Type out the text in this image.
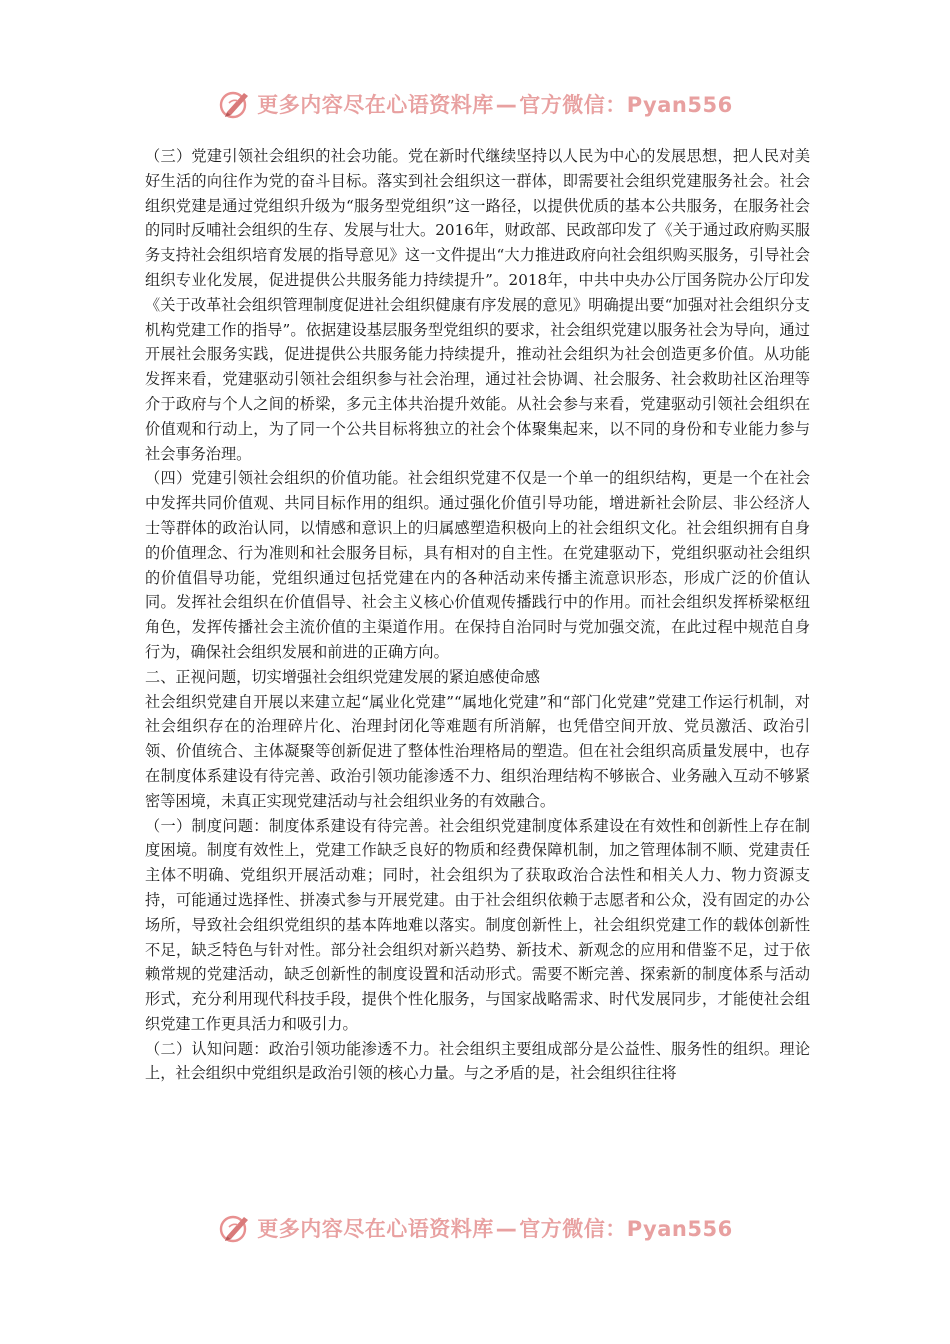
更多内容尽在心语资料库—官方微信：Pyan556

（三）党建引领社会组织的社会功能。党在新时代继续坚持以人民为中心的发展思想，把人民对美好生活的向往作为党的奋斗目标。落实到社会组织这一群体，即需要社会组织党建服务社会。社会组织党建是通过党组织升级为“服务型党组织”这一路径，以提供优质的基本公共服务，在服务社会的同时反哺社会组织的生存、发展与壮大。2016年，财政部、民政部印发了《关于通过政府购买服务支持社会组织培育发展的指导意见》这一文件提出“大力推进政府向社会组织购买服务，引导社会组织专业化发展，促进提供公共服务能力持续提升”。2018年，中共中央办公厅国务院办公厅印发《关于改革社会组织管理制度促进社会组织健康有序发展的意见》明确提出要“加强对社会组织分支机构党建工作的指导”。依据建设基层服务型党组织的要求，社会组织党建以服务社会为导向，通过开展社会服务实践，促进提供公共服务能力持续提升，推动社会组织为社会创造更多价值。从功能发挥来看，党建驱动引领社会组织参与社会治理，通过社会协调、社会服务、社会救助社区治理等介于政府与个人之间的桥梁，多元主体共治提升效能。从社会参与来看，党建驱动引领社会组织在价值观和行动上，为了同一个公共目标将独立的社会个体聚集起来，以不同的身份和专业能力参与社会事务治理。

（四）党建引领社会组织的价值功能。社会组织党建不仅是一个单一的组织结构，更是一个在社会中发挥共同价值观、共同目标作用的组织。通过强化价值引导功能，增进新社会阶层、非公经济人士等群体的政治认同，以情感和意识上的归属感塑造积极向上的社会组织文化。社会组织拥有自身的价值理念、行为准则和社会服务目标，具有相对的自主性。在党建驱动下，党组织驱动社会组织的价值倡导功能，党组织通过包括党建在内的各种活动来传播主流意识形态，形成广泛的价值认同。发挥社会组织在价值倡导、社会主义核心价值观传播践行中的作用。而社会组织发挥桥梁枢纽角色，发挥传播社会主流价值的主渠道作用。在保持自治同时与党加强交流，在此过程中规范自身行为，确保社会组织发展和前进的正确方向。

二、正视问题，切实增强社会组织党建发展的紧迫感使命感

社会组织党建自开展以来建立起“属业化党建”“属地化党建”和“部门化党建”党建工作运行机制，对社会组织存在的治理碎片化、治理封闭化等难题有所消解，也凭借空间开放、党员激活、政治引领、价值统合、主体凝聚等创新促进了整体性治理格局的塑造。但在社会组织高质量发展中，也存在制度体系建设有待完善、政治引领功能渗透不力、组织治理结构不够嵌合、业务融入互动不够紧密等困境，未真正实现党建活动与社会组织业务的有效融合。

（一）制度问题：制度体系建设有待完善。社会组织党建制度体系建设在有效性和创新性上存在制度困境。制度有效性上，党建工作缺乏良好的物质和经费保障机制，加之管理体制不顺、党建责任主体不明确、党组织开展活动难；同时，社会组织为了获取政治合法性和相关人力、物力资源支持，可能通过选择性、拼凑式参与开展党建。由于社会组织依赖于志愿者和公众，没有固定的办公场所，导致社会组织党组织的基本阵地难以落实。制度创新性上，社会组织党建工作的载体创新性不足，缺乏特色与针对性。部分社会组织对新兴趋势、新技术、新观念的应用和借鉴不足，过于依赖常规的党建活动，缺乏创新性的制度设置和活动形式。需要不断完善、探索新的制度体系与活动形式，充分利用现代科技手段，提供个性化服务，与国家战略需求、时代发展同步，才能使社会组织党建工作更具活力和吸引力。

（二）认知问题：政治引领功能渗透不力。社会组织主要组成部分是公益性、服务性的组织。理论上，社会组织中党组织是政治引领的核心力量。与之矛盾的是，社会组织往往将

更多内容尽在心语资料库—官方微信：Pyan556
